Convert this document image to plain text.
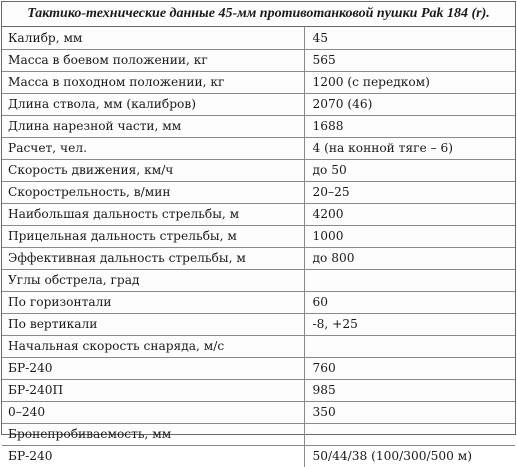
Тактико-технические данные 45-мм противотанковой пушки Pak 184 (r).
Калибр, мм	45
Масса в боевом положении, кг	565
Масса в походном положении, кг	1200 (с передком)
Длина ствола, мм (калибров)	2070 (46)
Длина нарезной части, мм	1688
Расчет, чел.	4 (на конной тяге – 6)
Скорость движения, км/ч	до 50
Скорострельность, в/мин	20–25
Наибольшая дальность стрельбы, м	4200
Прицельная дальность стрельбы, м	1000
Эффективная дальность стрельбы, м	до 800
Углы обстрела, град	
По горизонтали	60
По вертикали	-8, +25
Начальная скорость снаряда, м/с	
БР-240	760
БР-240П	985
0–240	350
Бронепробиваемость, мм	
БР-240	50/44/38 (100/300/500 м)
